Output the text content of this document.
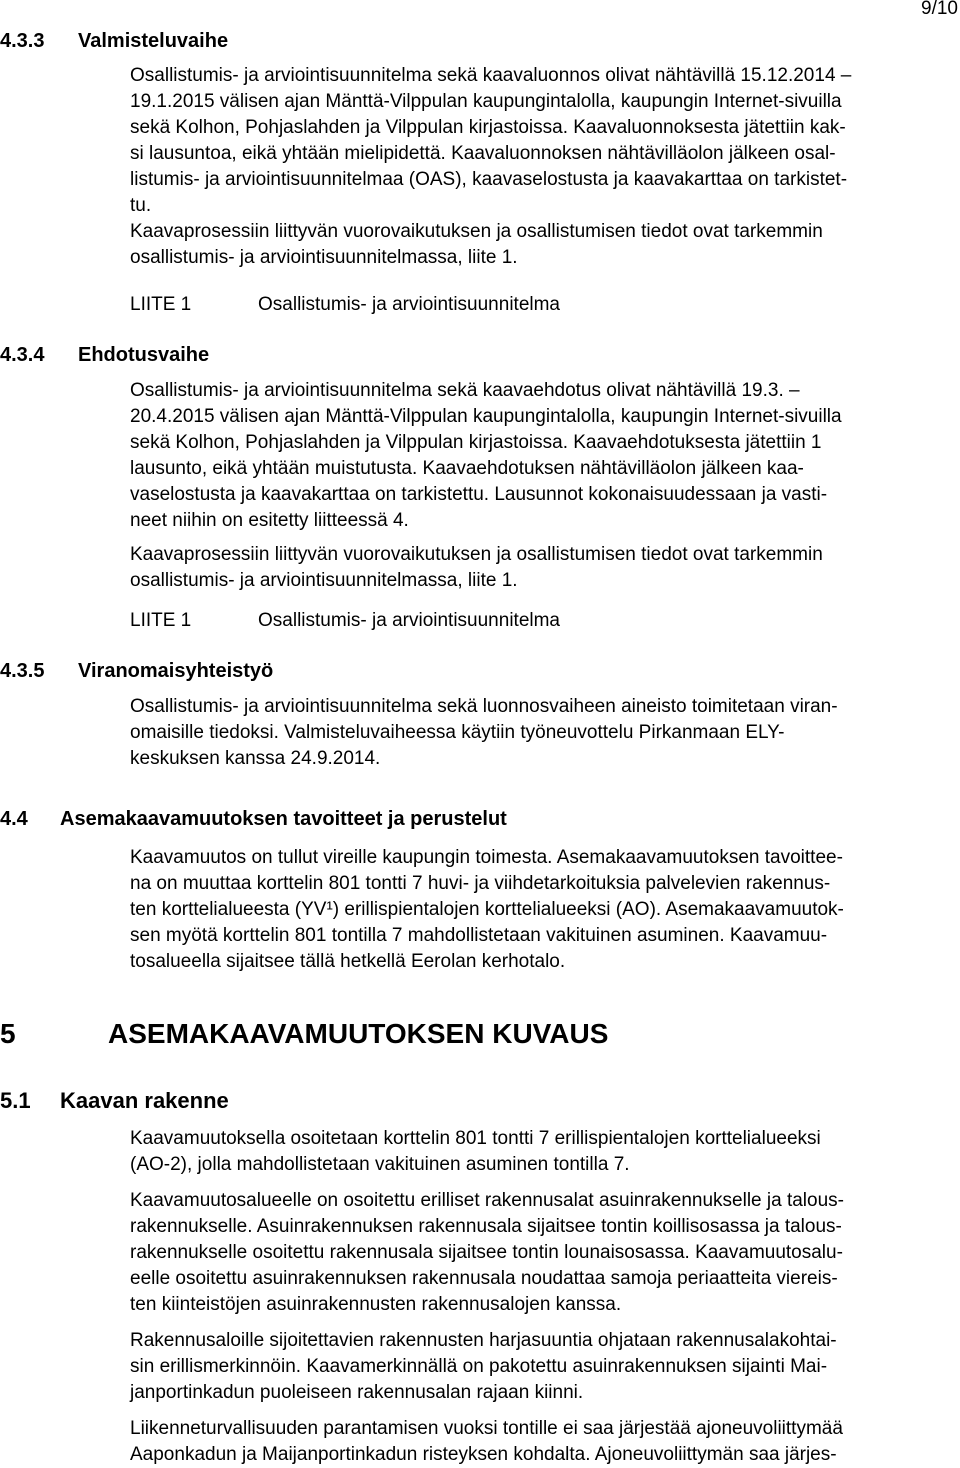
9/10
4.3.3 Valmisteluvaihe

Osallistumis- ja arviointisuunnitelma sekä kaavaluonnos olivat nähtävillä 15.12.2014 –
19.1.2015 välisen ajan Mänttä-Vilppulan kaupungintalolla, kaupungin Internet-sivuilla
sekä Kolhon, Pohjaslahden ja Vilppulan kirjastoissa. Kaavaluonnoksesta jätettiin kak-
si lausuntoa, eikä yhtään mielipidettä. Kaavaluonnoksen nähtävilläolon jälkeen osal-
listumis- ja arviointisuunnitelmaa (OAS), kaavaselostusta ja kaavakarttaa on tarkistet-
tu.

Kaavaprosessiin liittyvän vuorovaikutuksen ja osallistumisen tiedot ovat tarkemmin
osallistumis- ja arviointisuunnitelmassa, liite 1.

LIITE 1	Osallistumis- ja arviointisuunnitelma
4.3.4 Ehdotusvaihe

Osallistumis- ja arviointisuunnitelma sekä kaavaehdotus olivat nähtävillä 19.3. –
20.4.2015 välisen ajan Mänttä-Vilppulan kaupungintalolla, kaupungin Internet-sivuilla
sekä Kolhon, Pohjaslahden ja Vilppulan kirjastoissa. Kaavaehdotuksesta jätettiin 1
lausunto, eikä yhtään muistutusta. Kaavaehdotuksen nähtävilläolon jälkeen kaa-
vaselostusta ja kaavakarttaa on tarkistettu. Lausunnot kokonaisuudessaan ja vasti-
neet niihin on esitetty liitteessä 4.

Kaavaprosessiin liittyvän vuorovaikutuksen ja osallistumisen tiedot ovat tarkemmin
osallistumis- ja arviointisuunnitelmassa, liite 1.

LIITE 1	Osallistumis- ja arviointisuunnitelma
4.3.5 Viranomaisyhteistyö

Osallistumis- ja arviointisuunnitelma sekä luonnosvaiheen aineisto toimitetaan viran-
omaisille tiedoksi. Valmisteluvaiheessa käytiin työneuvottelu Pirkanmaan ELY-
keskuksen kanssa 24.9.2014.

4.4 Asemakaavamuutoksen tavoitteet ja perustelut

Kaavamuutos on tullut vireille kaupungin toimesta. Asemakaavamuutoksen tavoittee-
na on muuttaa korttelin 801 tontti 7 huvi- ja viihdetarkoituksia palvelevien rakennus-
ten korttelialueesta (YV¹) erillispientalojen korttelialueeksi (AO). Asemakaavamuutok-
sen myötä korttelin 801 tontilla 7 mahdollistetaan vakituinen asuminen. Kaavamuu-
tosalueella sijaitsee tällä hetkellä Eerolan kerhotalo.

5	ASEMAKAAVAMUUTOKSEN KUVAUS
5.1 Kaavan rakenne

Kaavamuutoksella osoitetaan korttelin 801 tontti 7 erillispientalojen korttelialueeksi
(AO-2), jolla mahdollistetaan vakituinen asuminen tontilla 7.

Kaavamuutosalueelle on osoitettu erilliset rakennusalat asuinrakennukselle ja talous-
rakennukselle. Asuinrakennuksen rakennusala sijaitsee tontin koillisosassa ja talous-
rakennukselle osoitettu rakennusala sijaitsee tontin lounaisosassa. Kaavamuutosalu-
eelle osoitettu asuinrakennuksen rakennusala noudattaa samoja periaatteita viereis-
ten kiinteistöjen asuinrakennusten rakennusalojen kanssa.

Rakennusaloille sijoitettavien rakennusten harjasuuntia ohjataan rakennusalakohtai-
sin erillismerkinnöin. Kaavamerkinnällä on pakotettu asuinrakennuksen sijainti Mai-
janportinkadun puoleiseen rakennusalan rajaan kiinni.

Liikenneturvallisuuden parantamisen vuoksi tontille ei saa järjestää ajoneuvoliittymää
Aaponkadun ja Maijanportinkadun risteyksen kohdalta. Ajoneuvoliittymän saa järjes-
